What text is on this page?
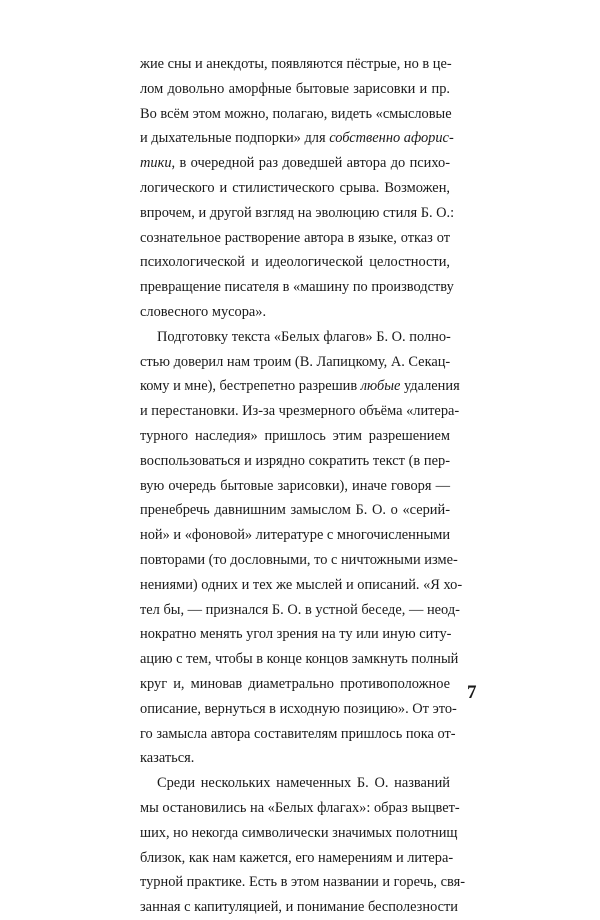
жие сны и анекдоты, появляются пёстрые, но в це-
лом довольно аморфные бытовые зарисовки и пр.
Во всём этом можно, полагаю, видеть «смысловые
и дыхательные подпорки» для собственно афорис-
тики, в очередной раз доведшей автора до психо-
логического и стилистического срыва. Возможен,
впрочем, и другой взгляд на эволюцию стиля Б. О.:
сознательное растворение автора в языке, отказ от
психологической и идеологической целостности,
превращение писателя в «машину по производству
словесного мусора».
Подготовку текста «Белых флагов» Б. О. полно-
стью доверил нам троим (В. Лапицкому, А. Секац-
кому и мне), бестрепетно разрешив любые удаления
и перестановки. Из-за чрезмерного объёма «литера-
турного наследия» пришлось этим разрешением
воспользоваться и изрядно сократить текст (в пер-
вую очередь бытовые зарисовки), иначе говоря —
пренебречь давнишним замыслом Б. О. о «серий-
ной» и «фоновой» литературе с многочисленными
повторами (то дословными, то с ничтожными изме-
нениями) одних и тех же мыслей и описаний. «Я хо-
тел бы, — признался Б. О. в устной беседе, — неод-
нократно менять угол зрения на ту или иную ситу-
ацию с тем, чтобы в конце концов замкнуть полный
круг и, миновав диаметрально противоположное
описание, вернуться в исходную позицию». От это-
го замысла автора составителям пришлось пока от-
казаться.
Среди нескольких намеченных Б. О. названий
мы остановились на «Белых флагах»: образ выцвет-
ших, но некогда символически значимых полотнищ
близок, как нам кажется, его намерениям и литера-
турной практике. Есть в этом названии и горечь, свя-
занная с капитуляцией, и понимание бесполезности
7
